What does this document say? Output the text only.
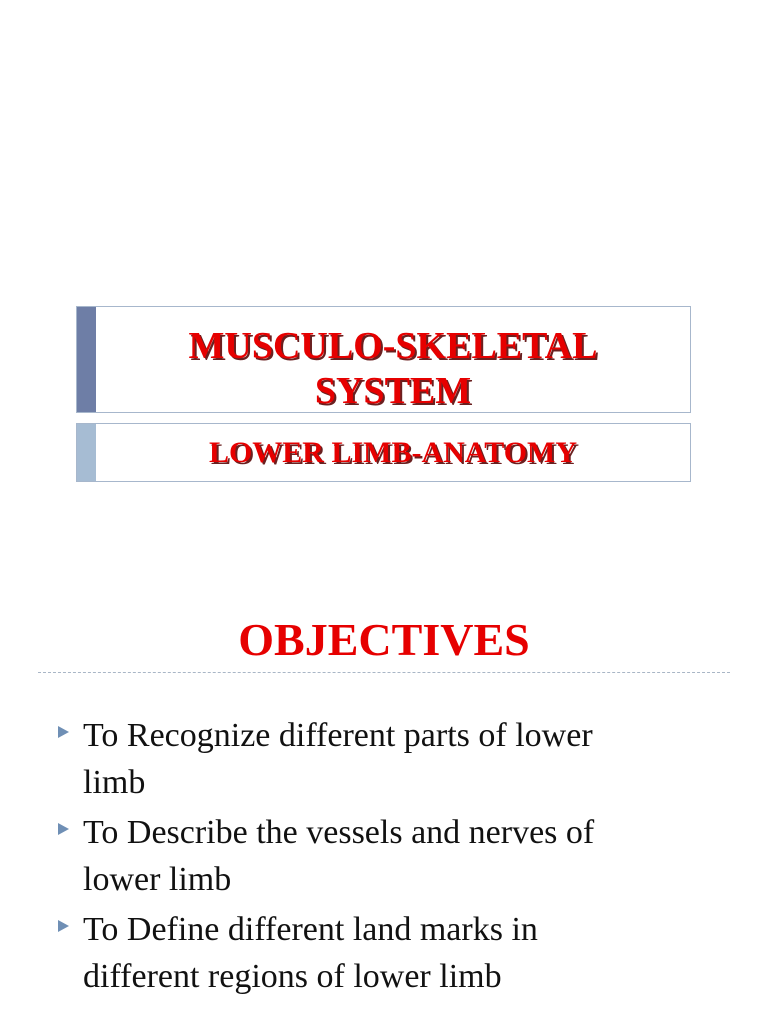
MUSCULO-SKELETAL
SYSTEM
LOWER LIMB-ANATOMY
OBJECTIVES
To Recognize different parts of lower
limb
To Describe the vessels and nerves of
lower limb
To Define different land marks in
different regions of lower limb
